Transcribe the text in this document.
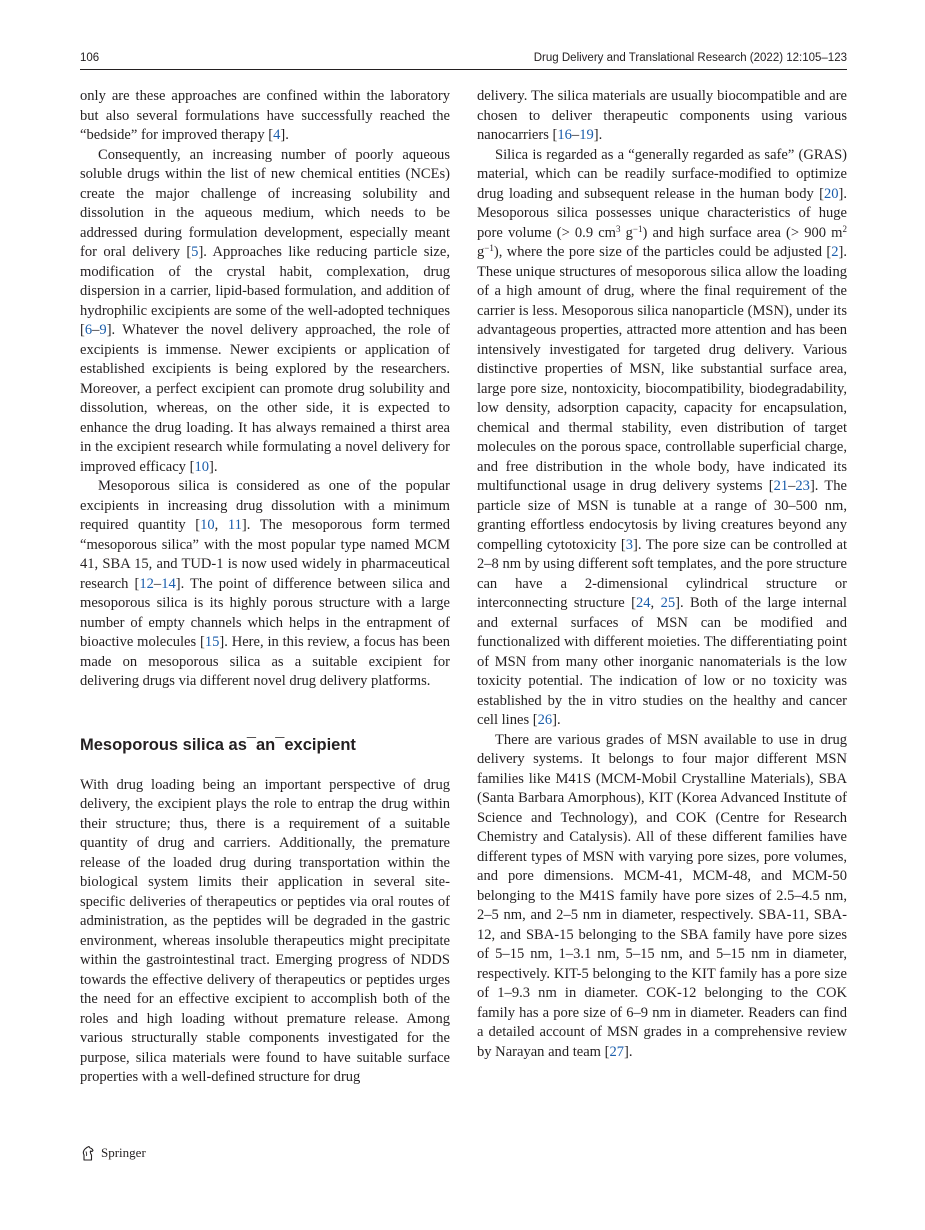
106	Drug Delivery and Translational Research (2022) 12:105–123

only are these approaches are confined within the laboratory but also several formulations have successfully reached the “bedside” for improved therapy [4].

Consequently, an increasing number of poorly aqueous soluble drugs within the list of new chemical entities (NCEs) create the major challenge of increasing solubility and dissolution in the aqueous medium, which needs to be addressed during formulation development, especially meant for oral delivery [5]. Approaches like reducing particle size, modification of the crystal habit, complexation, drug dispersion in a carrier, lipid-based formulation, and addition of hydrophilic excipients are some of the well-adopted techniques [6–9]. Whatever the novel delivery approached, the role of excipients is immense. Newer excipients or application of established excipients is being explored by the researchers. Moreover, a perfect excipient can promote drug solubility and dissolution, whereas, on the other side, it is expected to enhance the drug loading. It has always remained a thirst area in the excipient research while formulating a novel delivery for improved efficacy [10].

Mesoporous silica is considered as one of the popular excipients in increasing drug dissolution with a minimum required quantity [10, 11]. The mesoporous form termed “mesoporous silica” with the most popular type named MCM 41, SBA 15, and TUD-1 is now used widely in pharmaceutical research [12–14]. The point of difference between silica and mesoporous silica is its highly porous structure with a large number of empty channels which helps in the entrapment of bioactive molecules [15]. Here, in this review, a focus has been made on mesoporous silica as a suitable excipient for delivering drugs via different novel drug delivery platforms.

Mesoporous silica as¯an¯excipient

With drug loading being an important perspective of drug delivery, the excipient plays the role to entrap the drug within their structure; thus, there is a requirement of a suitable quantity of drug and carriers. Additionally, the premature release of the loaded drug during transportation within the biological system limits their application in several site-specific deliveries of therapeutics or peptides via oral routes of administration, as the peptides will be degraded in the gastric environment, whereas insoluble therapeutics might precipitate within the gastrointestinal tract. Emerging progress of NDDS towards the effective delivery of therapeutics or peptides urges the need for an effective excipient to accomplish both of the roles and high loading without premature release. Among various structurally stable components investigated for the purpose, silica materials were found to have suitable surface properties with a well-defined structure for drug

delivery. The silica materials are usually biocompatible and are chosen to deliver therapeutic components using various nanocarriers [16–19].

Silica is regarded as a “generally regarded as safe” (GRAS) material, which can be readily surface-modified to optimize drug loading and subsequent release in the human body [20]. Mesoporous silica possesses unique characteristics of huge pore volume (> 0.9 $cm^3$ $g^{-1}$) and high surface area (> 900 $m^2$ $g^{-1}$), where the pore size of the particles could be adjusted [2]. These unique structures of mesoporous silica allow the loading of a high amount of drug, where the final requirement of the carrier is less. Mesoporous silica nanoparticle (MSN), under its advantageous properties, attracted more attention and has been intensively investigated for targeted drug delivery. Various distinctive properties of MSN, like substantial surface area, large pore size, nontoxicity, biocompatibility, biodegradability, low density, adsorption capacity, capacity for encapsulation, chemical and thermal stability, even distribution of target molecules on the porous space, controllable superficial charge, and free distribution in the whole body, have indicated its multifunctional usage in drug delivery systems [21–23]. The particle size of MSN is tunable at a range of 30–500 nm, granting effortless endocytosis by living creatures beyond any compelling cytotoxicity [3]. The pore size can be controlled at 2–8 nm by using different soft templates, and the pore structure can have a 2-dimensional cylindrical structure or interconnecting structure [24, 25]. Both of the large internal and external surfaces of MSN can be modified and functionalized with different moieties. The differentiating point of MSN from many other inorganic nanomaterials is the low toxicity potential. The indication of low or no toxicity was established by the in vitro studies on the healthy and cancer cell lines [26].

There are various grades of MSN available to use in drug delivery systems. It belongs to four major different MSN families like M41S (MCM-Mobil Crystalline Materials), SBA (Santa Barbara Amorphous), KIT (Korea Advanced Institute of Science and Technology), and COK (Centre for Research Chemistry and Catalysis). All of these different families have different types of MSN with varying pore sizes, pore volumes, and pore dimensions. MCM-41, MCM-48, and MCM-50 belonging to the M41S family have pore sizes of 2.5–4.5 nm, 2–5 nm, and 2–5 nm in diameter, respectively. SBA-11, SBA-12, and SBA-15 belonging to the SBA family have pore sizes of 5–15 nm, 1–3.1 nm, 5–15 nm, and 5–15 nm in diameter, respectively. KIT-5 belonging to the KIT family has a pore size of 1–9.3 nm in diameter. COK-12 belonging to the COK family has a pore size of 6–9 nm in diameter. Readers can find a detailed account of MSN grades in a comprehensive review by Narayan and team [27].

Springer
